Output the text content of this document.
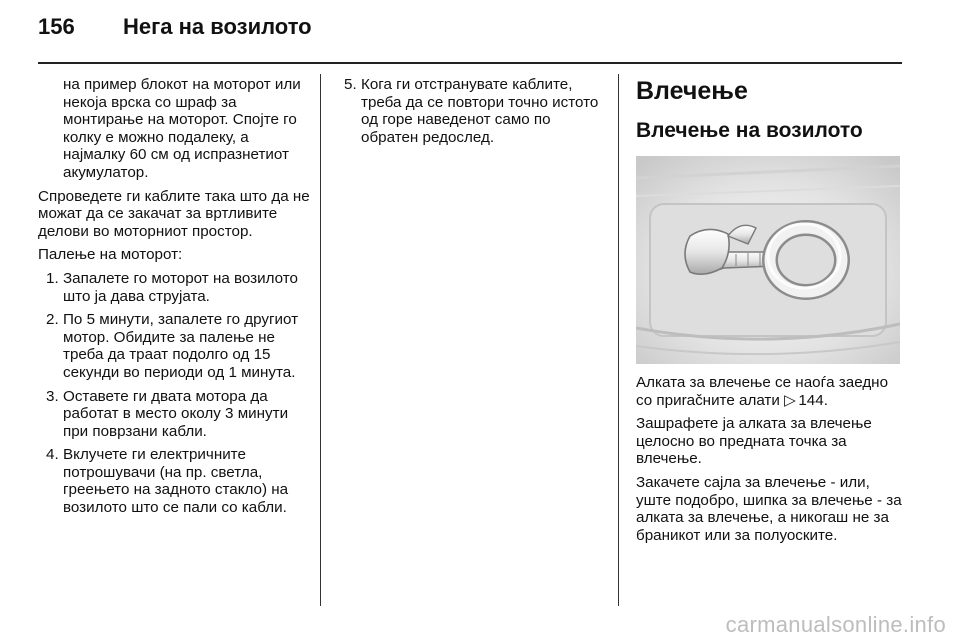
156 Нега на возилото

на пример блокот на моторот или некоја врска со шраф за монтирање на моторот. Спојте го колку е можно подалеку, а најмалку 60 см од испразнетиот акумулатор.

Спроведете ги каблите така што да не можат да се закачат за вртливите делови во моторниот простор.

Палење на моторот:

1. Запалете го моторот на возилото што ја дава струјата.
2. По 5 минути, запалете го другиот мотор. Обидите за палење не треба да траат подолго од 15 секунди во периоди од 1 минута.
3. Оставете ги двата мотора да работат в место околу 3 минути при поврзани кабли.
4. Вклучете ги електричните потрошувачи (на пр. светла, греењето на задното стакло) на возилото што се пали со кабли.
5. Кога ги отстранувате каблите, треба да се повтори точно истото од горе наведенот само по обратен редослед.
Влечење
Влечење на возилото

Алката за влечење се наоѓа заедно со приračните алати ▷ 144.

Зашрафете ја алката за влечење целосно во предната точка за влечење.

Закачете сајла за влечење - или, уште подобро, шипка за влечење - за алката за влечење, а никогаш не за браникот или за полуоските.

carmanualsonline.info
